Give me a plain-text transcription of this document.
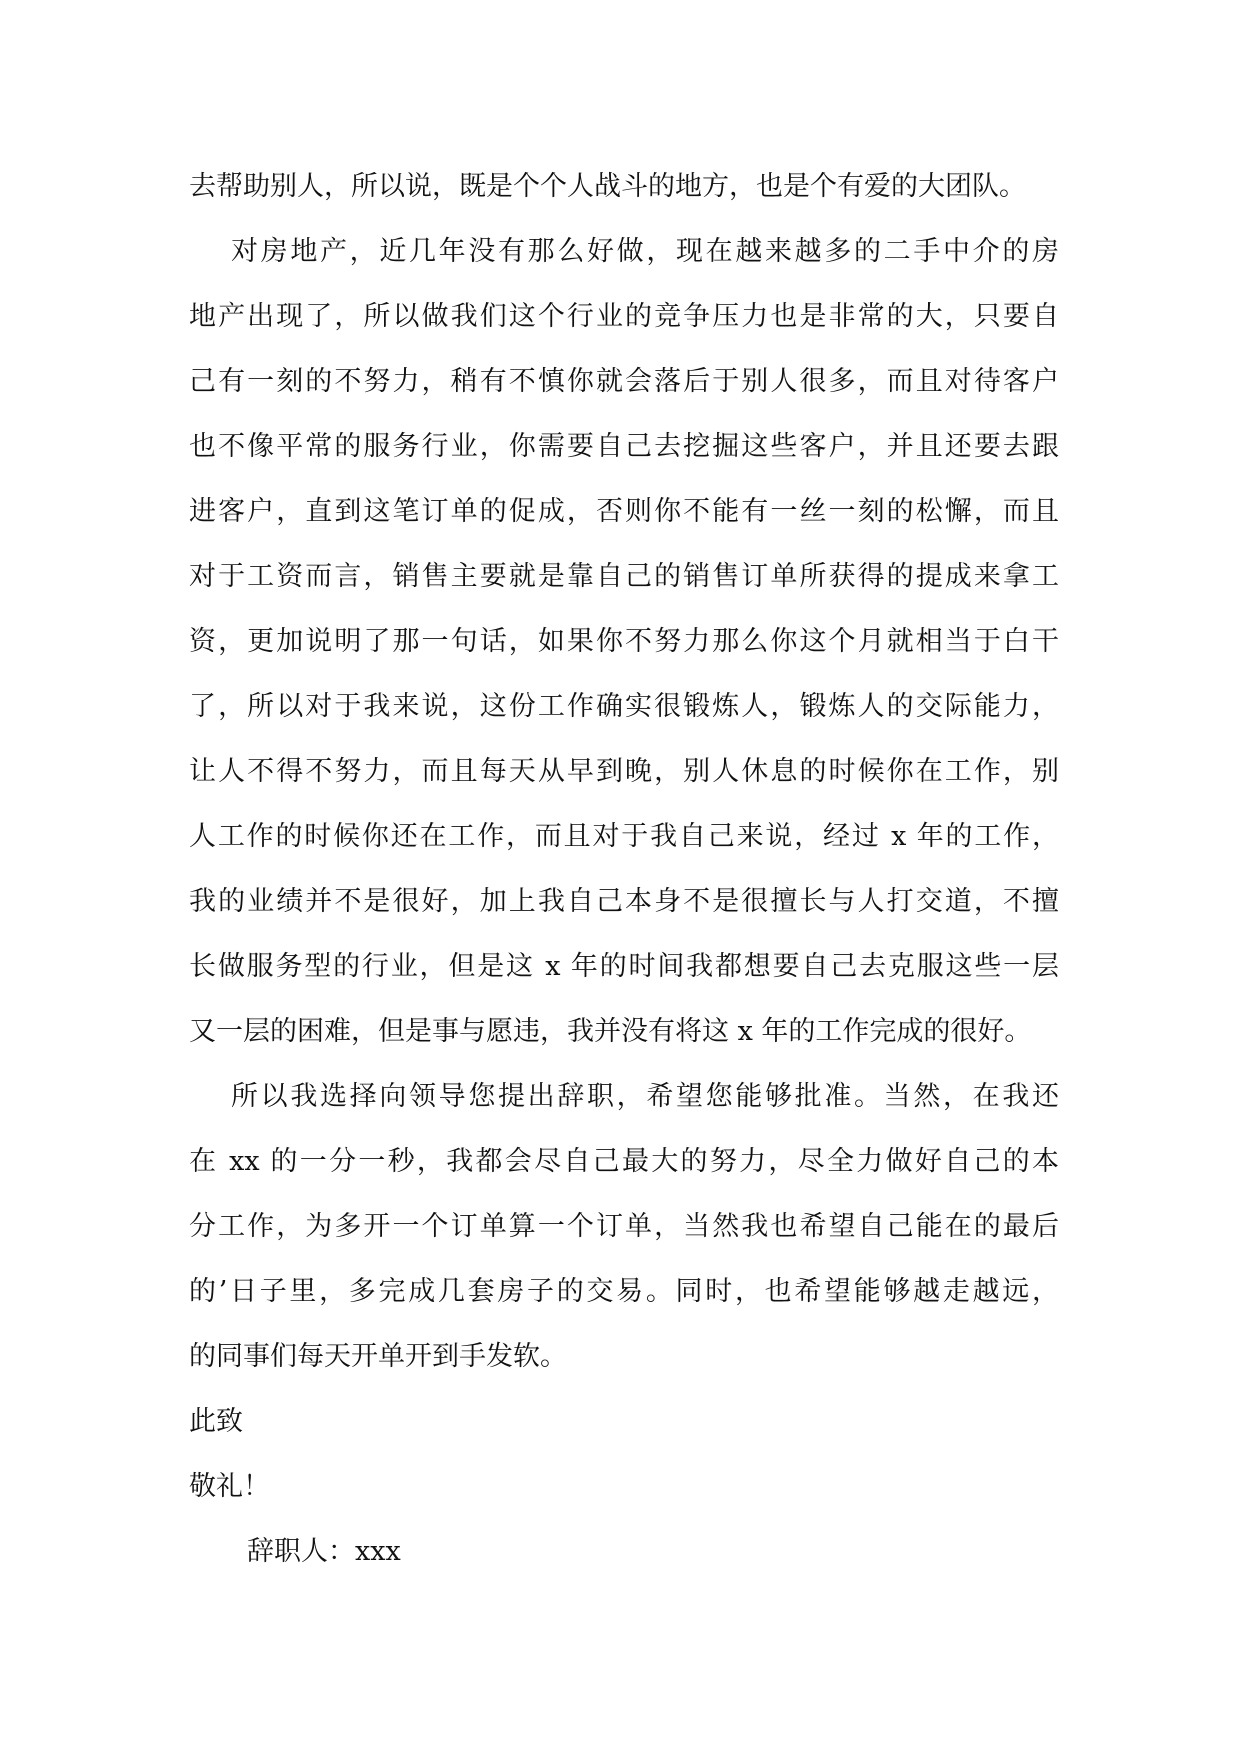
去帮助别人，所以说，既是个个人战斗的地方，也是个有爱的大团队。
对房地产，近几年没有那么好做，现在越来越多的二手中介的房
地产出现了，所以做我们这个行业的竞争压力也是非常的大，只要自
己有一刻的不努力，稍有不慎你就会落后于别人很多，而且对待客户
也不像平常的服务行业，你需要自己去挖掘这些客户，并且还要去跟
进客户，直到这笔订单的促成，否则你不能有一丝一刻的松懈，而且
对于工资而言，销售主要就是靠自己的销售订单所获得的提成来拿工
资，更加说明了那一句话，如果你不努力那么你这个月就相当于白干
了，所以对于我来说，这份工作确实很锻炼人，锻炼人的交际能力，
让人不得不努力，而且每天从早到晚，别人休息的时候你在工作，别
人工作的时候你还在工作，而且对于我自己来说，经过 x 年的工作，
我的业绩并不是很好，加上我自己本身不是很擅长与人打交道，不擅
长做服务型的行业，但是这 x 年的时间我都想要自己去克服这些一层
又一层的困难，但是事与愿违，我并没有将这 x 年的工作完成的很好。
所以我选择向领导您提出辞职，希望您能够批准。当然，在我还
在 xx 的一分一秒，我都会尽自己最大的努力，尽全力做好自己的本
分工作，为多开一个订单算一个订单，当然我也希望自己能在的最后
的’日子里，多完成几套房子的交易。同时，也希望能够越走越远，
的同事们每天开单开到手发软。
此致
敬礼！
辞职人：xxx
